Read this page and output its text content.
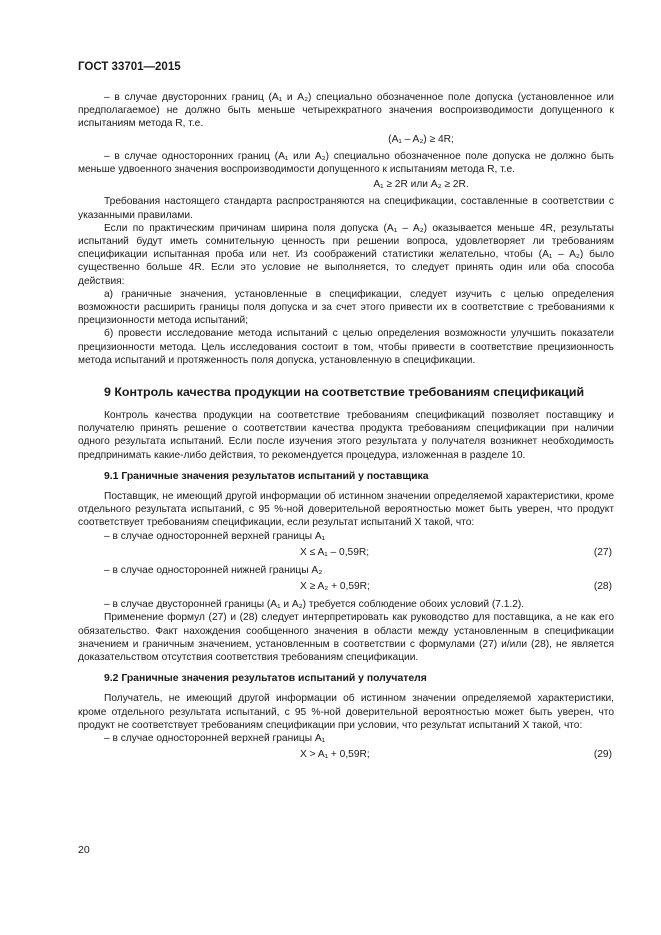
ГОСТ 33701—2015

– в случае двусторонних границ (A₁ и A₂) специально обозначенное поле допуска (установленное или предполагаемое) не должно быть меньше четырехкратного значения воспроизводимости допущенного к испытаниям метода R, т.е.

(A₁ – A₂) ≥ 4R;

– в случае односторонних границ (A₁ или A₂) специально обозначенное поле допуска не должно быть меньше удвоенного значения воспроизводимости допущенного к испытаниям метода R, т.е.

A₁ ≥ 2R или A₂ ≥ 2R.

Требования настоящего стандарта распространяются на спецификации, составленные в соответствии с указанными правилами.

Если по практическим причинам ширина поля допуска (A₁ – A₂) оказывается меньше 4R, результаты испытаний будут иметь сомнительную ценность при решении вопроса, удовлетворяет ли требованиям спецификации испытанная проба или нет. Из соображений статистики желательно, чтобы (A₁ – A₂) было существенно больше 4R. Если это условие не выполняется, то следует принять один или оба способа действия:

а) граничные значения, установленные в спецификации, следует изучить с целью определения возможности расширить границы поля допуска и за счет этого привести их в соответствие с требованиями к прецизионности метода испытаний;

б) провести исследование метода испытаний с целью определения возможности улучшить показатели прецизионности метода. Цель исследования состоит в том, чтобы привести в соответствие прецизионность метода испытаний и протяженность поля допуска, установленную в спецификации.

9 Контроль качества продукции на соответствие требованиям спецификаций

Контроль качества продукции на соответствие требованиям спецификаций позволяет поставщику и получателю принять решение о соответствии качества продукта требованиям спецификации при наличии одного результата испытаний. Если после изучения этого результата у получателя возникнет необходимость предпринимать какие-либо действия, то рекомендуется процедура, изложенная в разделе 10.

9.1 Граничные значения результатов испытаний у поставщика

Поставщик, не имеющий другой информации об истинном значении определяемой характеристики, кроме отдельного результата испытаний, с 95 %-ной доверительной вероятностью может быть уверен, что продукт соответствует требованиям спецификации, если результат испытаний X такой, что:

– в случае односторонней верхней границы A₁

X ≤ A₁ – 0,59R;	(27)

– в случае односторонней нижней границы A₂

X ≥ A₂ + 0,59R;	(28)

– в случае двусторонней границы (A₁ и A₂) требуется соблюдение обоих условий (7.1.2).

Применение формул (27) и (28) следует интерпретировать как руководство для поставщика, а не как его обязательство. Факт нахождения сообщенного значения в области между установленным в спецификации значением и граничным значением, установленным в соответствии с формулами (27) и/или (28), не является доказательством отсутствия соответствия требованиям спецификации.

9.2 Граничные значения результатов испытаний у получателя

Получатель, не имеющий другой информации об истинном значении определяемой характеристики, кроме отдельного результата испытаний, с 95 %-ной доверительной вероятностью может быть уверен, что продукт не соответствует требованиям спецификации при условии, что результат испытаний X такой, что:

– в случае односторонней верхней границы A₁

X > A₁ + 0,59R;	(29)
20
